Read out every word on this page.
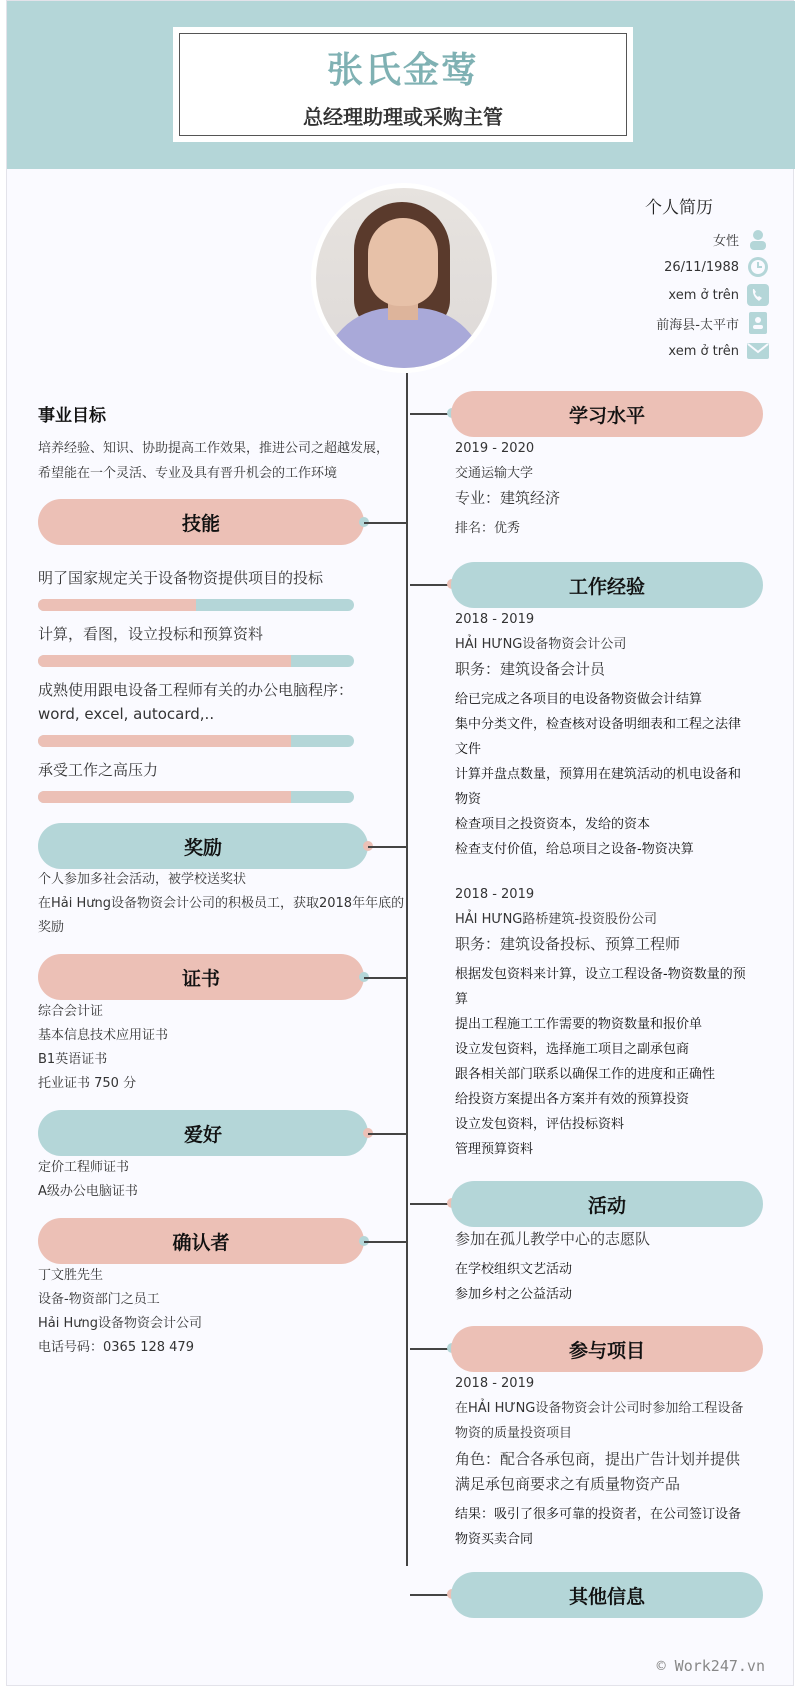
张氏金莺
总经理助理或采购主管
个人简历
女性
26/11/1988
xem ở trên
前海县-太平市
xem ở trên
事业目标
培养经验、知识、协助提高工作效果，推进公司之超越发展，
希望能在一个灵活、专业及具有晋升机会的工作环境
技能
明了国家规定关于设备物资提供项目的投标
计算，看图，设立投标和预算资料
成熟使用跟电设备工程师有关的办公电脑程序：
word, excel, autocard,..
承受工作之高压力
奖励
个人参加多社会活动，被学校送奖状
在Hải Hưng设备物资会计公司的积极员工，获取2018年年底的
奖励
证书
综合会计证
基本信息技术应用证书
B1英语证书
托业证书 750 分
爱好
定价工程师证书
A级办公电脑证书
确认者
丁文胜先生
设备-物资部门之员工
Hải Hưng设备物资会计公司
电话号码：0365 128 479
学习水平
2019 - 2020
交通运输大学
专业：建筑经济
排名：优秀
工作经验
2018 - 2019
HẢI HƯNG设备物资会计公司
职务：建筑设备会计员
给已完成之各项目的电设备物资做会计结算
集中分类文件，检查核对设备明细表和工程之法律
文件
计算并盘点数量，预算用在建筑活动的机电设备和
物资
检查项目之投资资本，发给的资本
检查支付价值，给总项目之设备-物资决算
2018 - 2019
HẢI HƯNG路桥建筑-投资股份公司
职务：建筑设备投标、预算工程师
根据发包资料来计算，设立工程设备-物资数量的预
算
提出工程施工工作需要的物资数量和报价单
设立发包资料，选择施工项目之副承包商
跟各相关部门联系以确保工作的进度和正确性
给投资方案提出各方案并有效的预算投资
设立发包资料，评估投标资料
管理预算资料
活动
参加在孤儿教学中心的志愿队
在学校组织文艺活动
参加乡村之公益活动
参与项目
2018 - 2019
在HẢI HƯNG设备物资会计公司时参加给工程设备
物资的质量投资项目
角色：配合各承包商，提出广告计划并提供
满足承包商要求之有质量物资产品
结果：吸引了很多可靠的投资者，在公司签订设备
物资买卖合同
其他信息
© Work247.vn
